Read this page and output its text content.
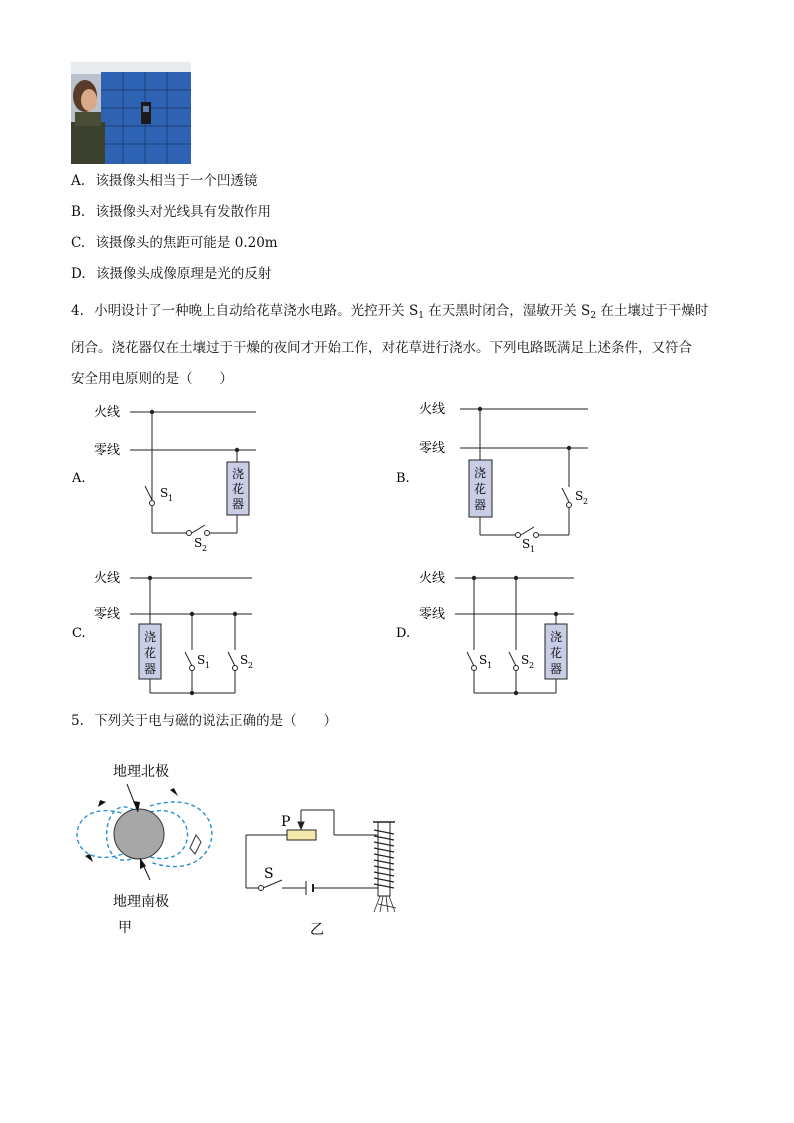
A. 该摄像头相当于一个凹透镜
B. 该摄像头对光线具有发散作用
C. 该摄像头的焦距可能是 0.20m
D. 该摄像头成像原理是光的反射
4. 小明设计了一种晚上自动给花草浇水电路。光控开关 $S_1$ 在天黑时闭合，湿敏开关 $S_2$ 在土壤过于干燥时
闭合。浇花器仅在土壤过于干燥的夜间才开始工作，对花草进行浇水。下列电路既满足上述条件，又符合
安全用电原则的是（　　）
火线
零线
A.
S 1
S 2
浇
花
器
火线
零线
B.
S 2
S 1
浇
花
器
火线
零线
C.
S 1 S 2
浇
花
器
火线
零线
D.
S 1 S 2
浇
花
器
5. 下列关于电与磁的说法正确的是（　　）
地理北极
地理南极
甲
P
S
乙
